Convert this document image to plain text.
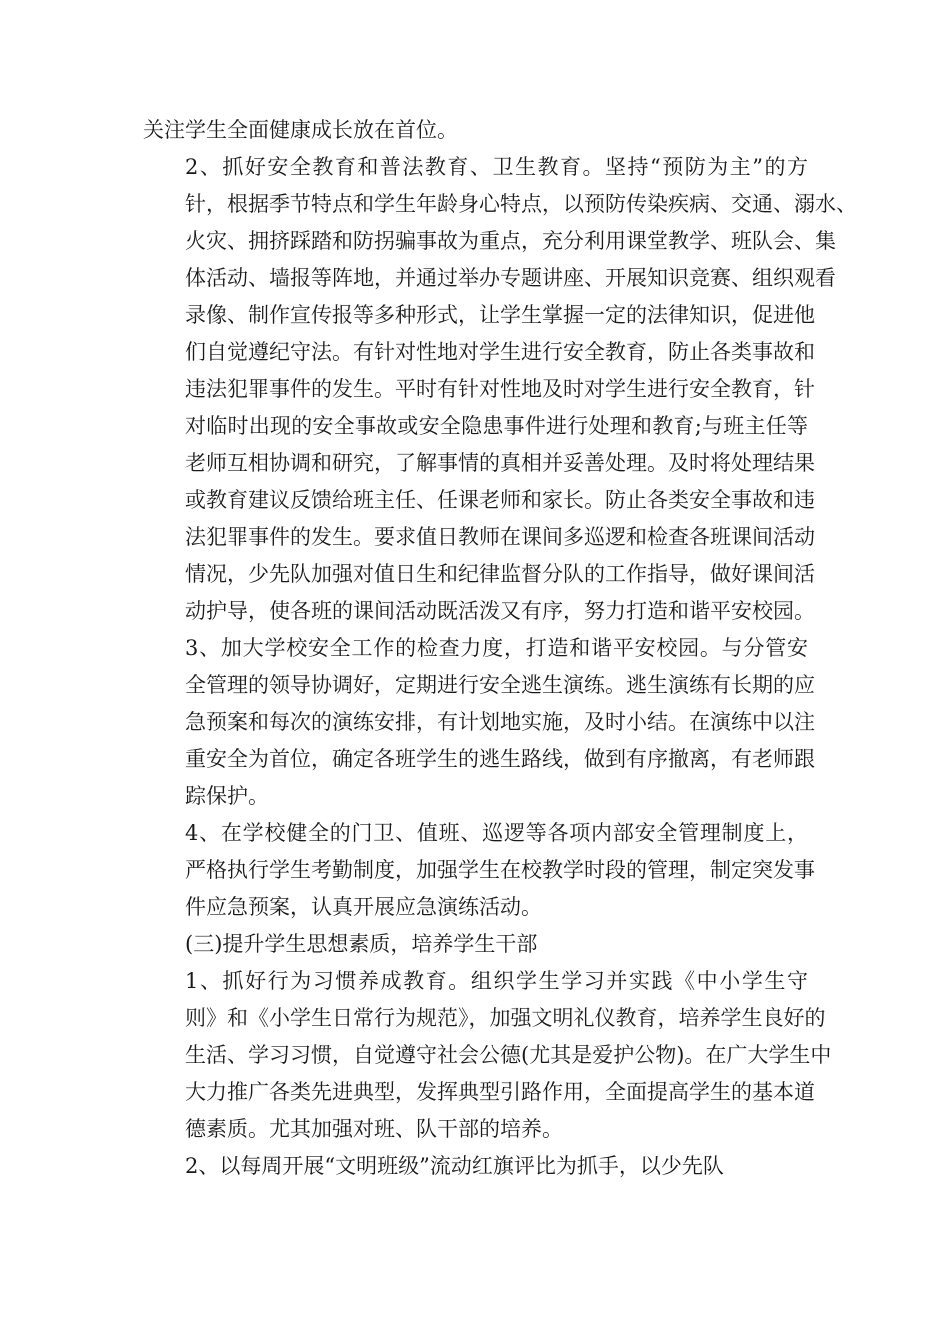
关注学生全面健康成长放在首位。

2、抓好安全教育和普法教育、卫生教育。坚持“预防为主”的方
针，根据季节特点和学生年龄身心特点，以预防传染疾病、交通、溺水、
火灾、拥挤踩踏和防拐骗事故为重点，充分利用课堂教学、班队会、集
体活动、墙报等阵地，并通过举办专题讲座、开展知识竞赛、组织观看
录像、制作宣传报等多种形式，让学生掌握一定的法律知识，促进他
们自觉遵纪守法。有针对性地对学生进行安全教育，防止各类事故和
违法犯罪事件的发生。平时有针对性地及时对学生进行安全教育，针
对临时出现的安全事故或安全隐患事件进行处理和教育;与班主任等
老师互相协调和研究，了解事情的真相并妥善处理。及时将处理结果
或教育建议反馈给班主任、任课老师和家长。防止各类安全事故和违
法犯罪事件的发生。要求值日教师在课间多巡逻和检查各班课间活动
情况，少先队加强对值日生和纪律监督分队的工作指导，做好课间活
动护导，使各班的课间活动既活泼又有序，努力打造和谐平安校园。

3、加大学校安全工作的检查力度，打造和谐平安校园。与分管安
全管理的领导协调好，定期进行安全逃生演练。逃生演练有长期的应
急预案和每次的演练安排，有计划地实施，及时小结。在演练中以注
重安全为首位，确定各班学生的逃生路线，做到有序撤离，有老师跟
踪保护。

4、在学校健全的门卫、值班、巡逻等各项内部安全管理制度上，
严格执行学生考勤制度，加强学生在校教学时段的管理，制定突发事
件应急预案，认真开展应急演练活动。

(三)提升学生思想素质，培养学生干部

1、抓好行为习惯养成教育。组织学生学习并实践《中小学生守
则》和《小学生日常行为规范》，加强文明礼仪教育，培养学生良好的
生活、学习习惯，自觉遵守社会公德(尤其是爱护公物)。在广大学生中
大力推广各类先进典型，发挥典型引路作用，全面提高学生的基本道
德素质。尤其加强对班、队干部的培养。

2、以每周开展“文明班级”流动红旗评比为抓手，以少先队
